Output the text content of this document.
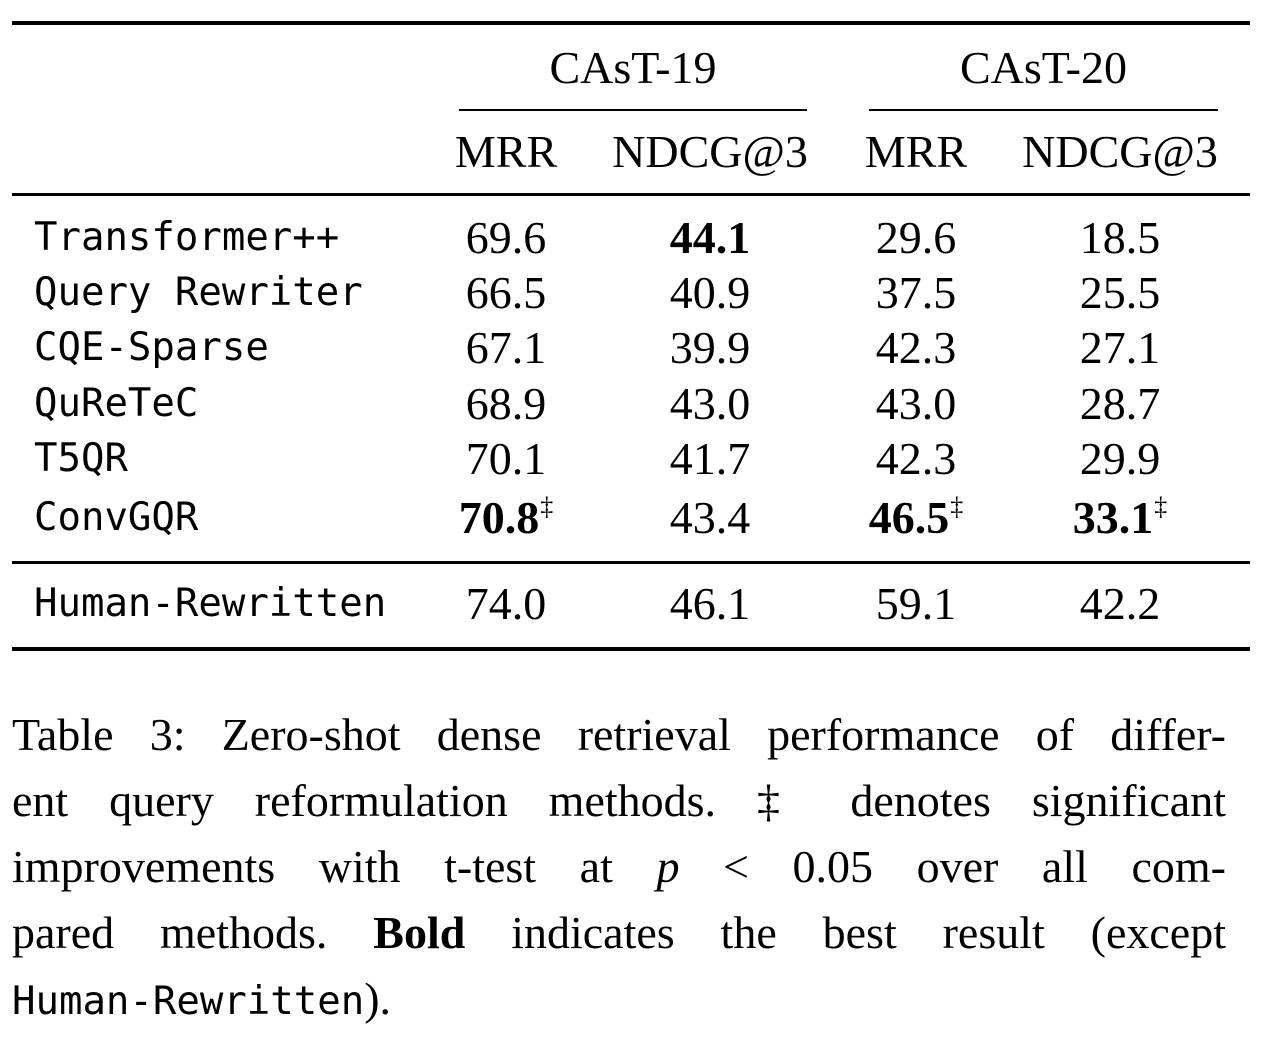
CAsT-19	CAsT-20
MRR	NDCG@3	MRR	NDCG@3
Transformer++	69.6	44.1	29.6	18.5
Query Rewriter	66.5	40.9	37.5	25.5
CQE-Sparse	67.1	39.9	42.3	27.1
QuReTeC	68.9	43.0	43.0	28.7
T5QR	70.1	41.7	42.3	29.9
ConvGQR	70.8‡	43.4	46.5‡	33.1‡
Human-Rewritten	74.0	46.1	59.1	42.2
Table 3: Zero-shot dense retrieval performance of differ-
ent query reformulation methods. ‡ denotes significant
improvements with t-test at p < 0.05 over all com-
pared methods. Bold indicates the best result (except
Human-Rewritten).
